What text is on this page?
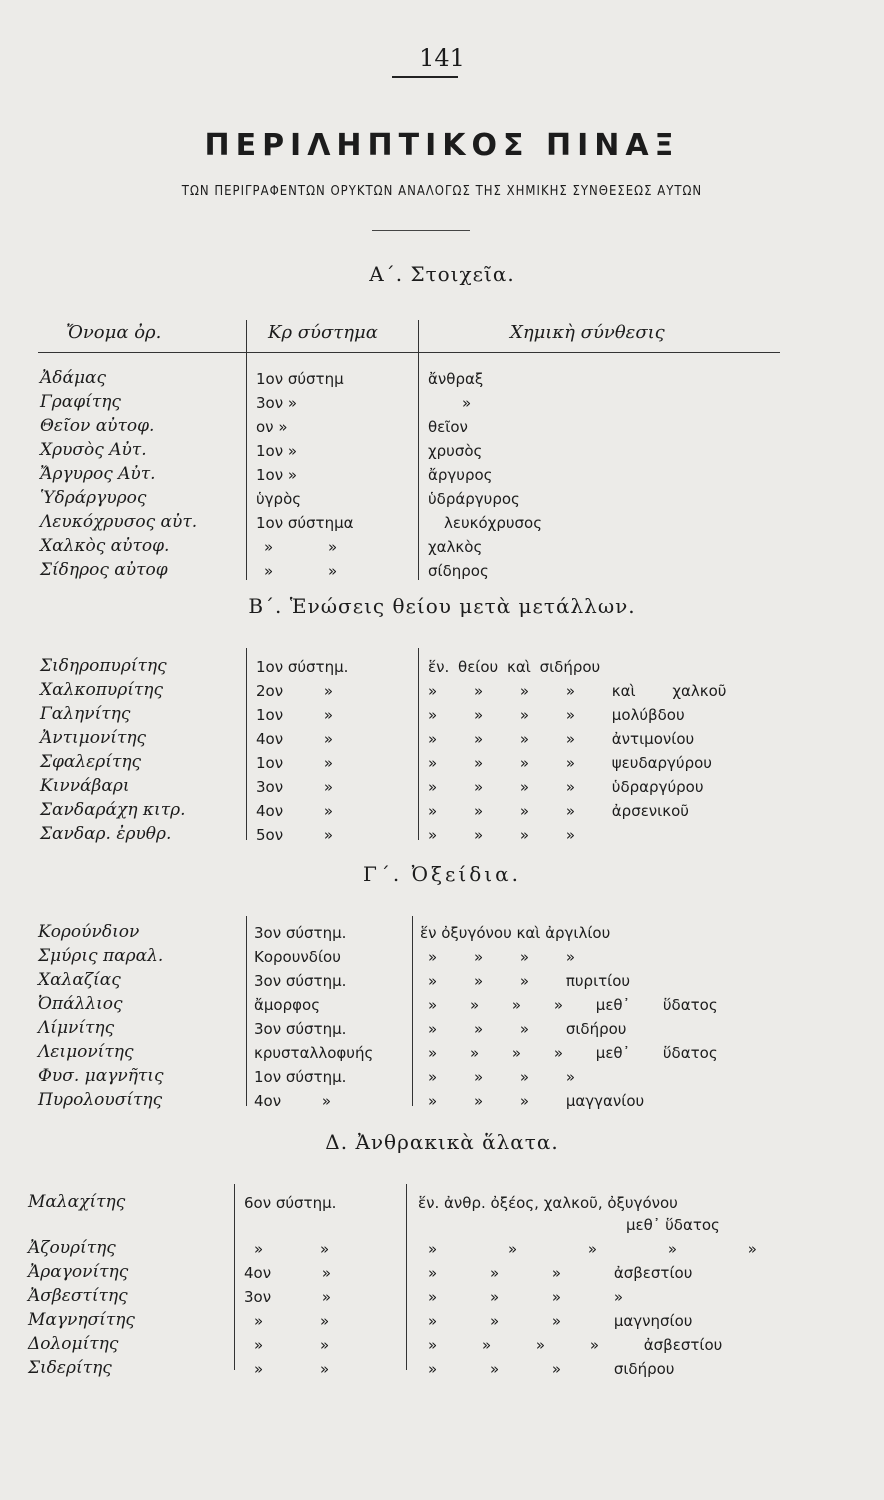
141
ΠΕΡΙΛΗΠΤΙΚΟΣ ΠΙΝΑΞ
ΤΩΝ ΠΕΡΙΓΡΑΦΕΝΤΩΝ ΟΡΥΚΤΩΝ ΑΝΑΛΟΓΩΣ ΤΗΣ ΧΗΜΙΚΗΣ ΣΥΝΘΕΣΕΩΣ ΑΥΤΩΝ
Α΄. Στοιχεῖα.
Ὄνομα ὀρ.	Κρ σύστημα	Χημικὴ σύνθεσις
Ἀδάμας	1ον σύστημ	ἄνθραξ
Γραφίτης	3ον »	»
Θεῖον αὐτοφ.	ον »	θεῖον
Χρυσὸς Αὐτ.	1ον »	χρυσὸς
Ἄργυρος Αὐτ.	1ον »	ἄργυρος
Ὑδράργυρος	ὑγρὸς	ὑδράργυρος
Λευκόχρυσος αὐτ.	1ον σύστημα	λευκόχρυσος
Χαλκὸς αὐτοφ.	» »	χαλκὸς
Σίδηρος αὐτοφ	» »	σίδηρος
Β΄. Ἑνώσεις θείου μετὰ μετάλλων.
Σιδηροπυρίτης	1ον σύστημ.	ἕν. θείου καὶ σιδήρου
Χαλκοπυρίτης	2ον »	» » » » καὶ χαλκοῦ
Γαληνίτης	1ον »	» » » » μολύβδου
Ἀντιμονίτης	4ον »	» » » » ἀντιμονίου
Σφαλερίτης	1ον »	» » » » ψευδαργύρου
Κιννάβαρι	3ον »	» » » » ὑδραργύρου
Σανδαράχη κιτρ.	4ον »	» » » » ἀρσενικοῦ
Σανδαρ. ἐρυθρ.	5ον »	» » » »
Γ΄. Ὀξείδια.
Κορούνδιον	3ον σύστημ.	ἕν ὀξυγόνου καὶ ἀργιλίου
Σμύρις παραλ.	Κορουνδίου	» » » »
Χαλαζίας	3ον σύστημ.	» » » πυριτίου
Ὀπάλλιος	ἄμορφος	» » » » μεθ᾿ ὕδατος
Λίμνίτης	3ον σύστημ.	» » » σιδήρου
Λειμονίτης	κρυσταλλοφυής	» » » » μεθ᾿ ὕδατος
Φυσ. μαγνῆτις	1ον σύστημ.	» » » »
Πυρολουσίτης	4ον »	» » » μαγγανίου
Δ. Ἀνθρακικὰ ἅλατα.
Μαλαχίτης	6ον σύστημ.	ἕν. ἀνθρ. ὀξέος, χαλκοῦ, ὀξυγόνου
μεθ᾿ ὕδατος
Ἀζουρίτης	» »	» » » » »
Ἀραγονίτης	4ον »	» » » ἀσβεστίου
Ἀσβεστίτης	3ον »	» » » »
Μαγνησίτης	» »	» » » μαγνησίου
Δολομίτης	» »	» » » » ἀσβεστίου
Σιδερίτης	» »	» » » σιδήρου
